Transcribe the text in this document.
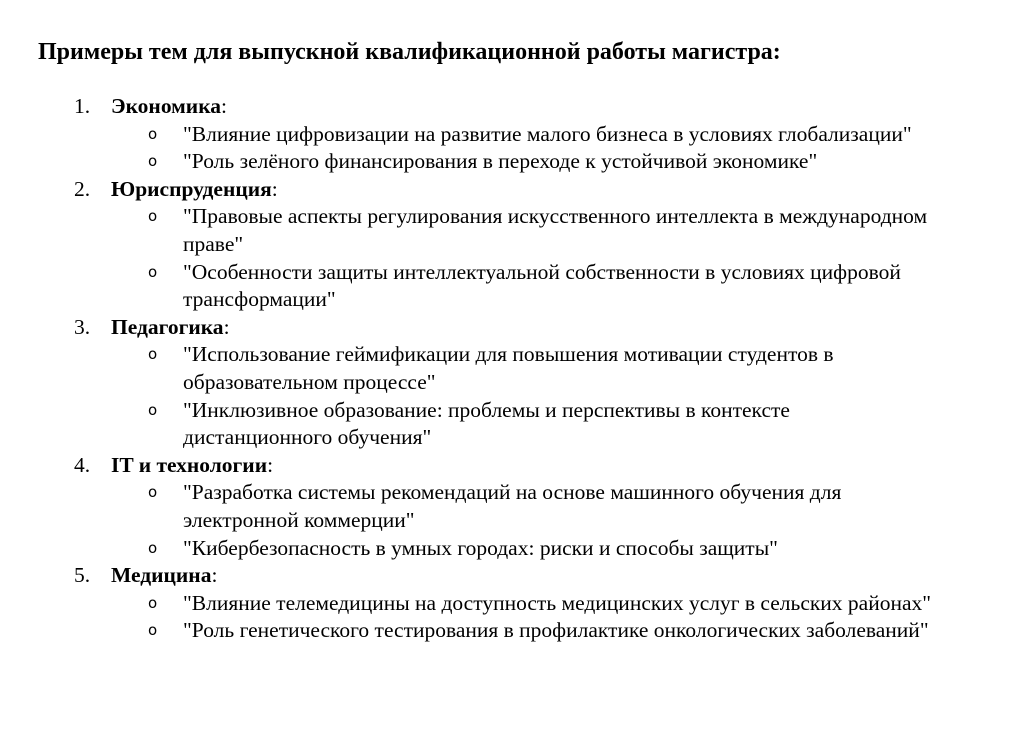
Примеры тем для выпускной квалификационной работы магистра:
1. Экономика:
o "Влияние цифровизации на развитие малого бизнеса в условиях глобализации"
o "Роль зелёного финансирования в переходе к устойчивой экономике"
2. Юриспруденция:
o "Правовые аспекты регулирования искусственного интеллекта в международном праве"
o "Особенности защиты интеллектуальной собственности в условиях цифровой трансформации"
3. Педагогика:
o "Использование геймификации для повышения мотивации студентов в образовательном процессе"
o "Инклюзивное образование: проблемы и перспективы в контексте дистанционного обучения"
4. IT и технологии:
o "Разработка системы рекомендаций на основе машинного обучения для электронной коммерции"
o "Кибербезопасность в умных городах: риски и способы защиты"
5. Медицина:
o "Влияние телемедицины на доступность медицинских услуг в сельских районах"
o "Роль генетического тестирования в профилактике онкологических заболеваний"
